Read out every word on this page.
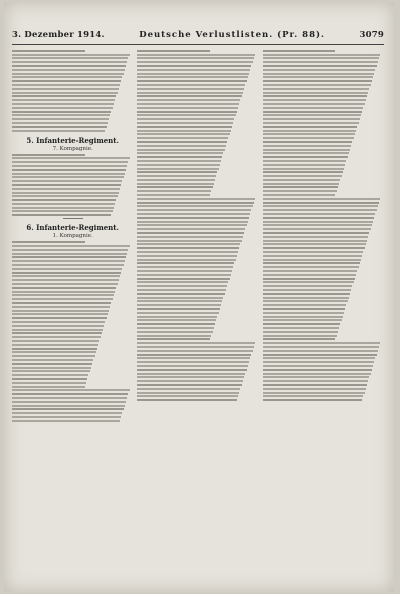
3. Dezember 1914.	Deutsche Verlustlisten. (Pr. 88).	3079
5. Infanterie-Regiment.
7. Kompagnie.
6. Infanterie-Regiment.
1. Kompagnie.
